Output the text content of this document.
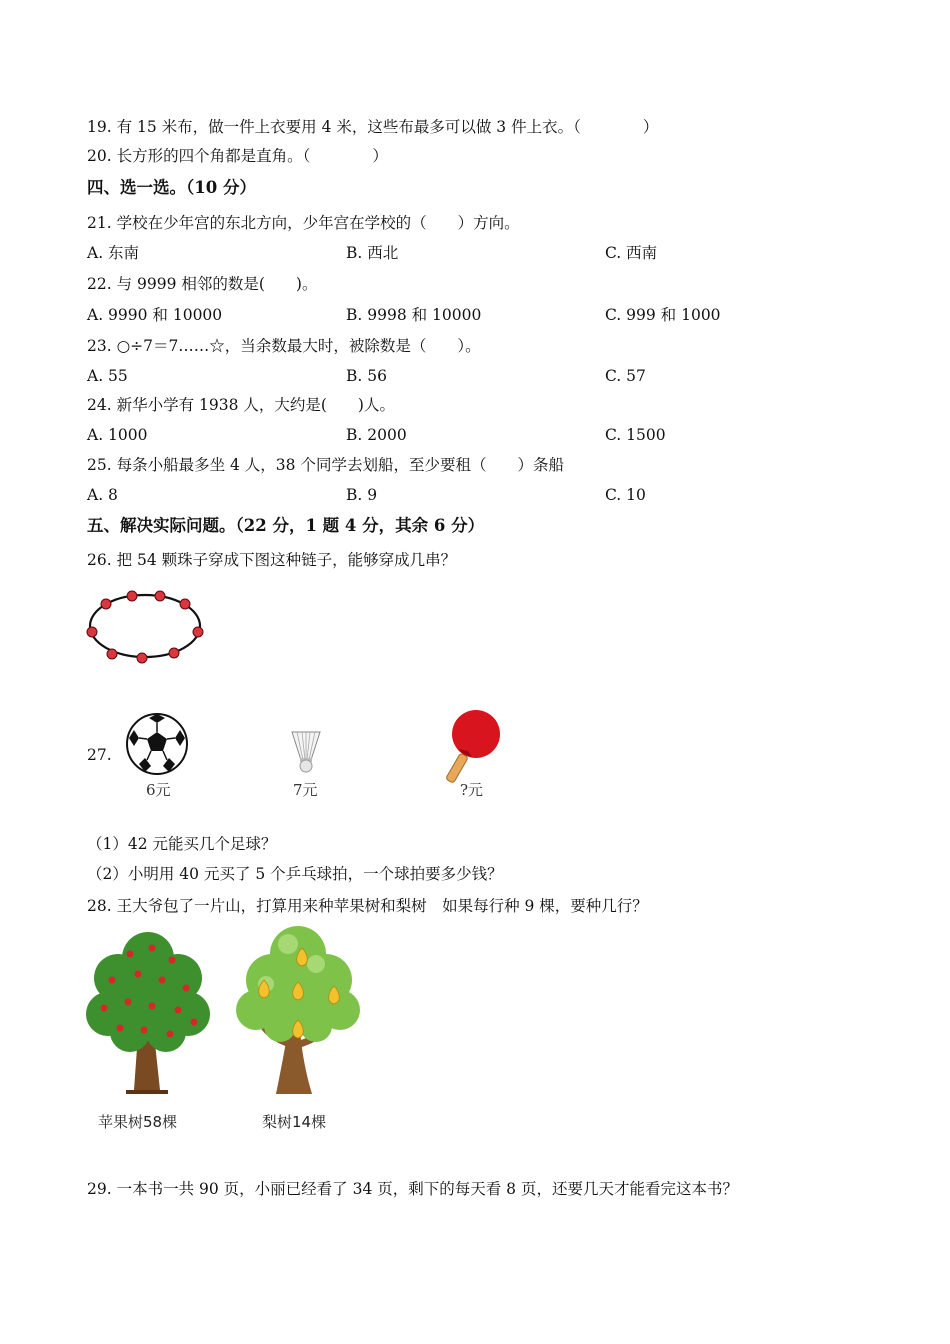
19. 有 15 米布，做一件上衣要用 4 米，这些布最多可以做 3 件上衣。（　　　　）
20. 长方形的四个角都是直角。（　　　　）
四、选一选。（10 分）
21. 学校在少年宫的东北方向，少年宫在学校的（　　）方向。
A. 东南	B. 西北	C. 西南
22. 与 9999 相邻的数是(　　)。
A. 9990 和 10000	B. 9998 和 10000	C. 999 和 1000
23. ○÷7＝7……☆，当余数最大时，被除数是（　　）。
A. 55	B. 56	C. 57
24. 新华小学有 1938 人，大约是(　　)人。
A. 1000	B. 2000	C. 1500
25. 每条小船最多坐 4 人，38 个同学去划船，至少要租（　　）条船
A. 8	B. 9	C. 10
五、解决实际问题。（22 分，1 题 4 分，其余 6 分）
26. 把 54 颗珠子穿成下图这种链子，能够穿成几串？
27.
6元	7元	?元
（1）42 元能买几个足球？
（2）小明用 40 元买了 5 个乒乓球拍，一个球拍要多少钱？
28. 王大爷包了一片山，打算用来种苹果树和梨树　如果每行种 9 棵，要种几行？
苹果树58棵	梨树14棵
29. 一本书一共 90 页，小丽已经看了 34 页，剩下的每天看 8 页，还要几天才能看完这本书？
